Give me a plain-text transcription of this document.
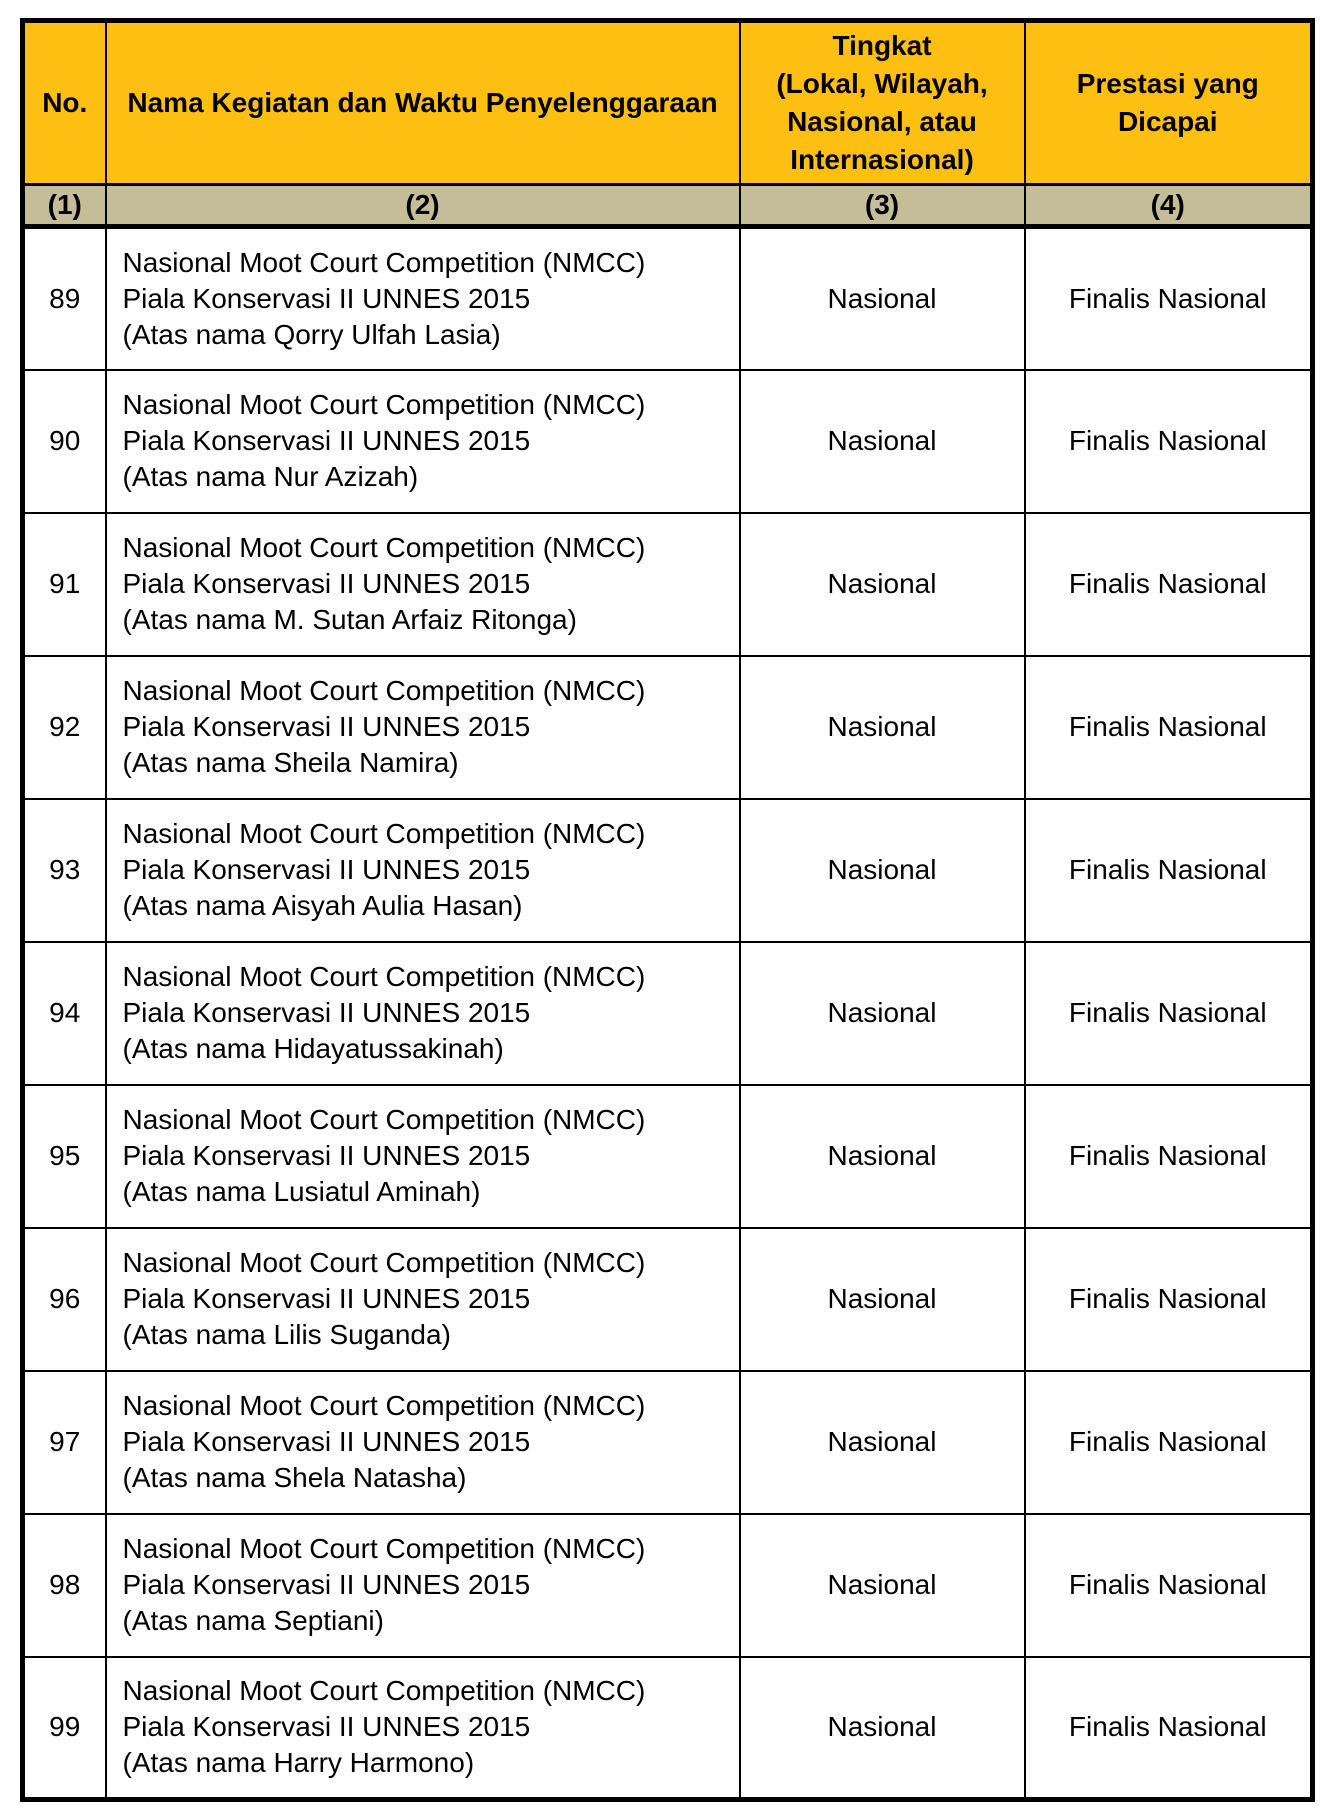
No.	Nama Kegiatan dan Waktu Penyelenggaraan	Tingkat
(Lokal, Wilayah, Nasional, atau Internasional)	Prestasi yang Dicapai
(1)	(2)	(3)	(4)
89	Nasional Moot Court Competition (NMCC)
Piala Konservasi II UNNES 2015
(Atas nama Qorry Ulfah Lasia)	Nasional	Finalis Nasional
90	Nasional Moot Court Competition (NMCC)
Piala Konservasi II UNNES 2015
(Atas nama Nur Azizah)	Nasional	Finalis Nasional
91	Nasional Moot Court Competition (NMCC)
Piala Konservasi II UNNES 2015
(Atas nama M. Sutan Arfaiz Ritonga)	Nasional	Finalis Nasional
92	Nasional Moot Court Competition (NMCC)
Piala Konservasi II UNNES 2015
(Atas nama Sheila Namira)	Nasional	Finalis Nasional
93	Nasional Moot Court Competition (NMCC)
Piala Konservasi II UNNES 2015
(Atas nama Aisyah Aulia Hasan)	Nasional	Finalis Nasional
94	Nasional Moot Court Competition (NMCC)
Piala Konservasi II UNNES 2015
(Atas nama Hidayatussakinah)	Nasional	Finalis Nasional
95	Nasional Moot Court Competition (NMCC)
Piala Konservasi II UNNES 2015
(Atas nama Lusiatul Aminah)	Nasional	Finalis Nasional
96	Nasional Moot Court Competition (NMCC)
Piala Konservasi II UNNES 2015
(Atas nama Lilis Suganda)	Nasional	Finalis Nasional
97	Nasional Moot Court Competition (NMCC)
Piala Konservasi II UNNES 2015
(Atas nama Shela Natasha)	Nasional	Finalis Nasional
98	Nasional Moot Court Competition (NMCC)
Piala Konservasi II UNNES 2015
(Atas nama Septiani)	Nasional	Finalis Nasional
99	Nasional Moot Court Competition (NMCC)
Piala Konservasi II UNNES 2015
(Atas nama Harry Harmono)	Nasional	Finalis Nasional
